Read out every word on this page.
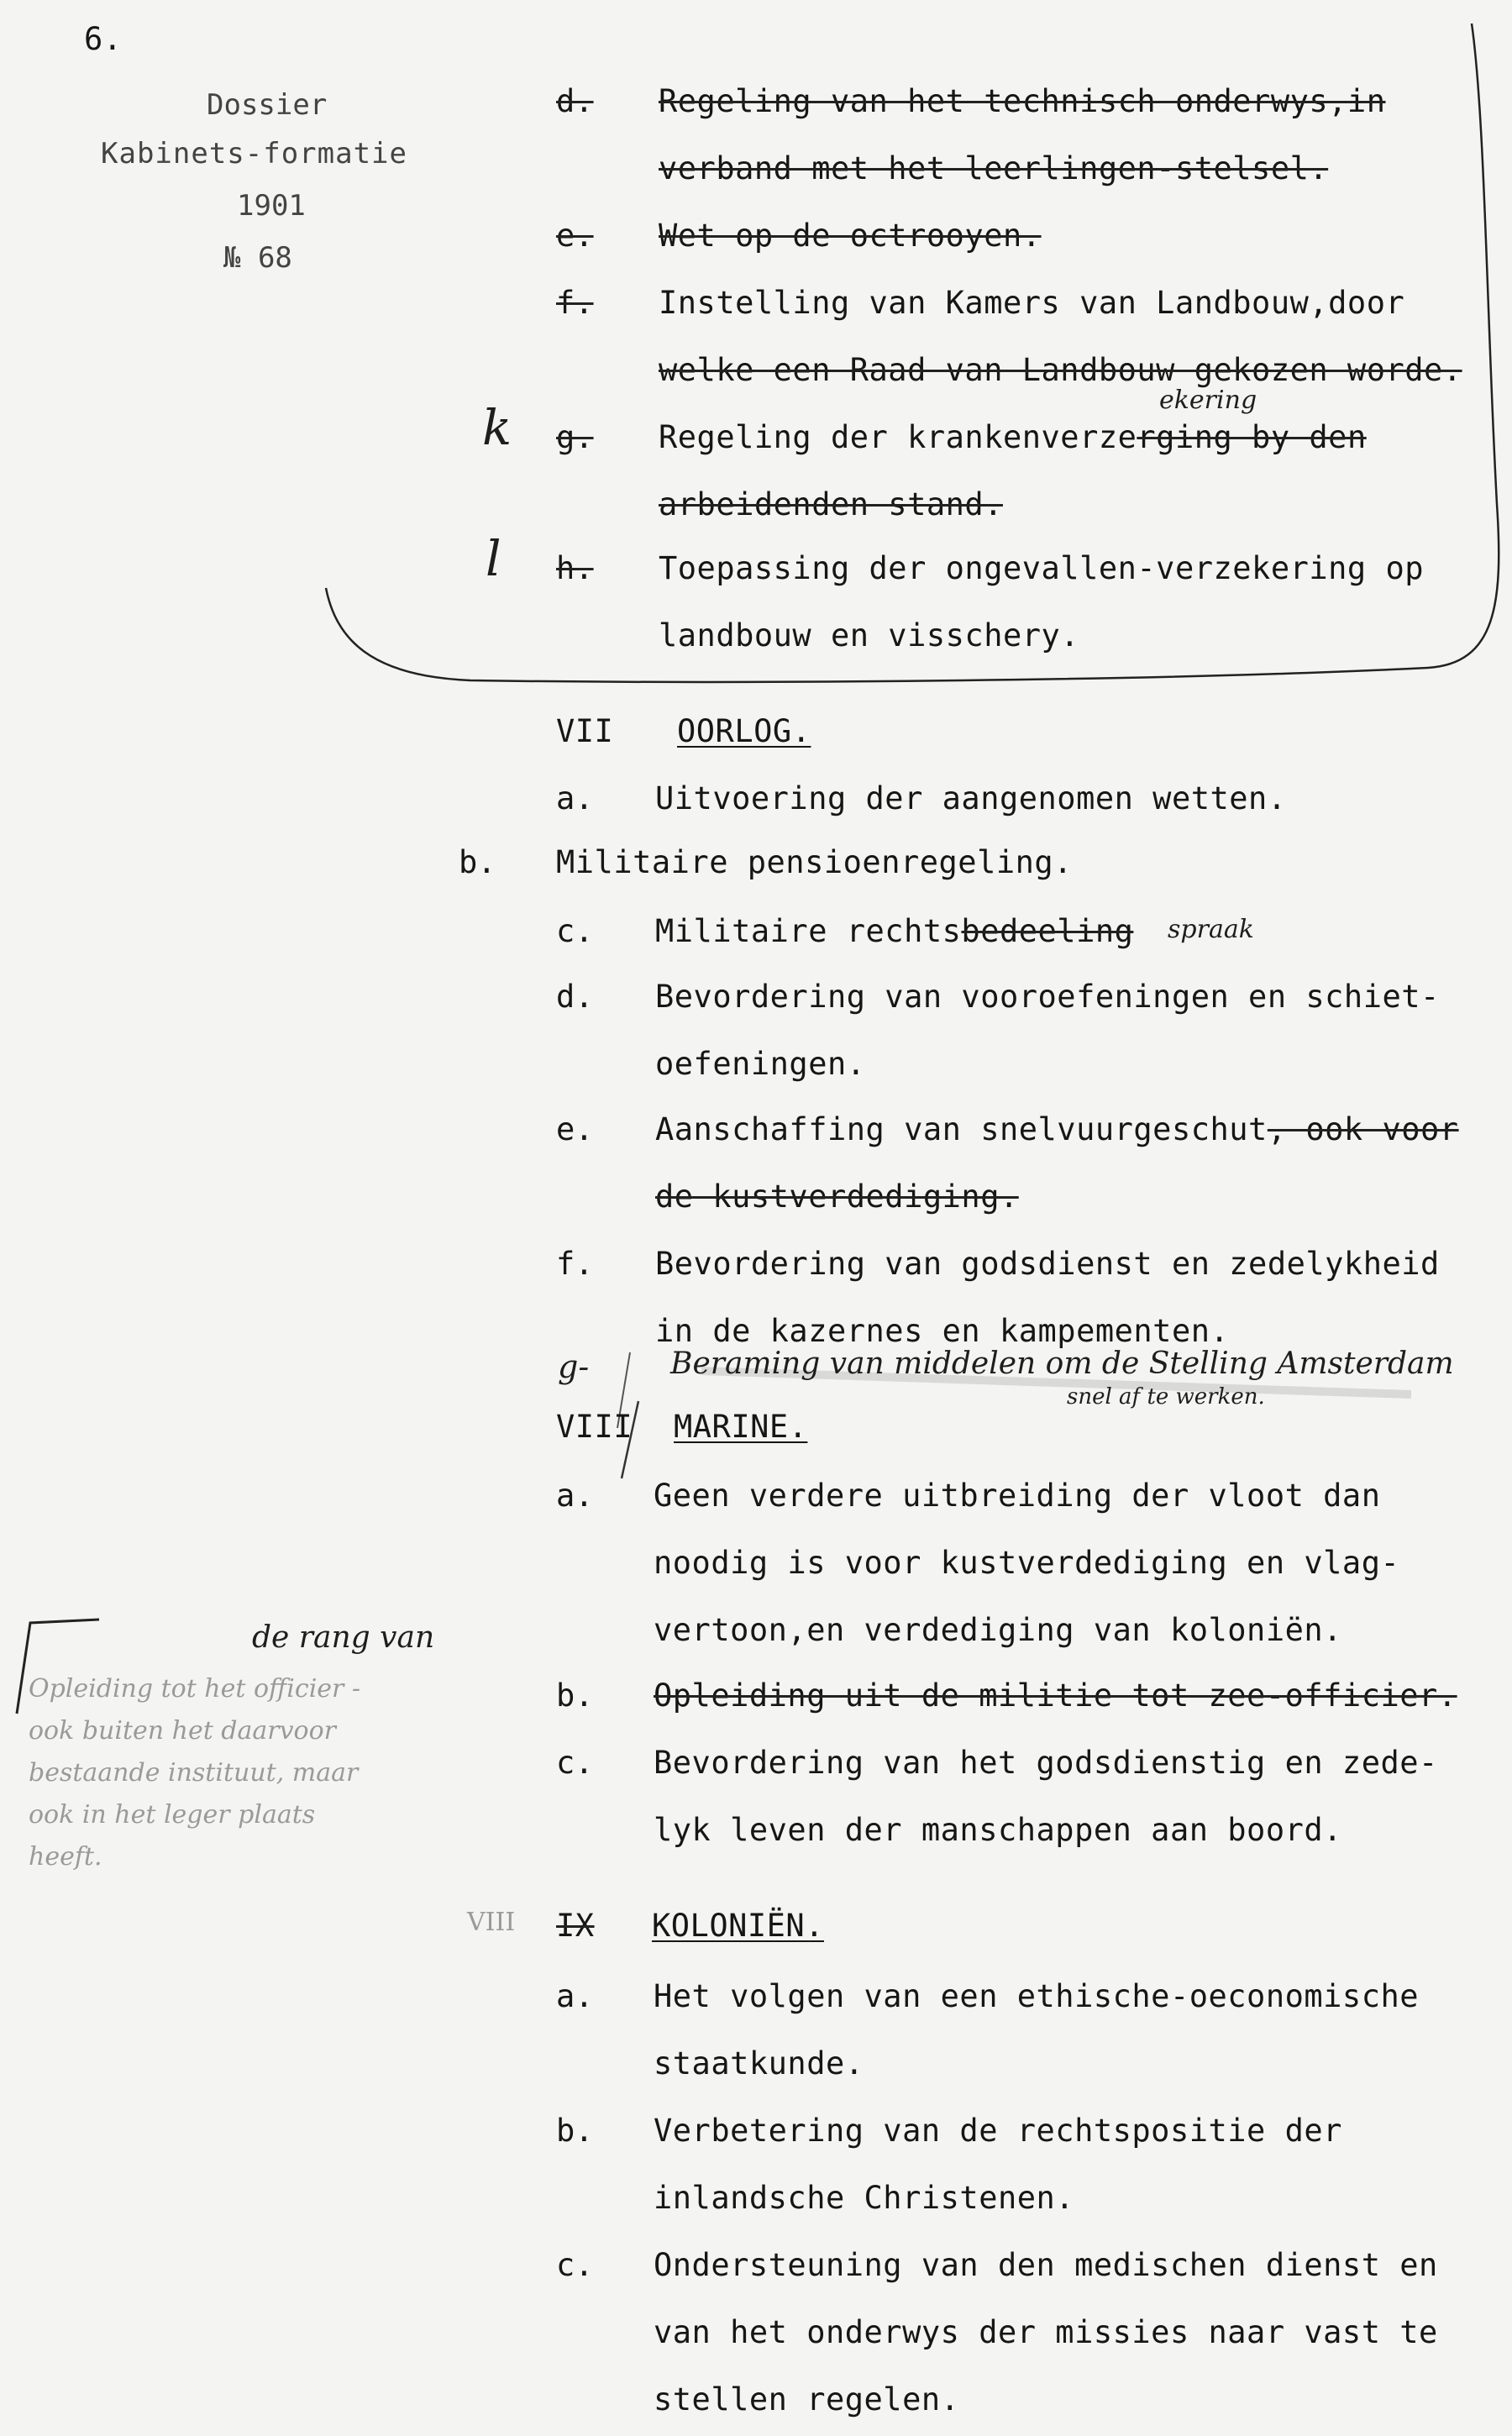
6.
Dossier
Kabinets-formatie
1901
№ 68
d. Regeling van het technisch onderwys,in
verband met het leerlingen-stelsel.
e. Wet op de octrooyen.
f. Instelling van Kamers van Landbouw,door
welke een Raad van Landbouw gekozen worde.
k g. Regeling der krankenverzerging by den
ekering
arbeidenden stand.
l h. Toepassing der ongevallen-verzekering op
landbouw en visschery.
VII OORLOG.
a. Uitvoering der aangenomen wetten.
b. Militaire pensioenregeling.
c. Militaire rechtsbedeeling spraak
d. Bevordering van vooroefeningen en schiet-
oefeningen.
e. Aanschaffing van snelvuurgeschut, ook voor
de kustverdediging.
f. Bevordering van godsdienst en zedelykheid
in de kazernes en kampementen.
g-	Beraming van middelen om de Stelling Amsterdam
snel af te werken.
VIII MARINE.
a. Geen verdere uitbreiding der vloot dan
noodig is voor kustverdediging en vlag-
vertoon,en verdediging van koloniën.
b. Opleiding uit de militie tot zee-officier.
c. Bevordering van het godsdienstig en zede-
lyk leven der manschappen aan boord.
de rang van
Opleiding tot het officier -
ook buiten het daarvoor
bestaande instituut, maar
ook in het leger plaats
heeft.
VIII IX KOLONIËN.
a. Het volgen van een ethische-oeconomische
staatkunde.
b. Verbetering van de rechtspositie der
inlandsche Christenen.
c. Ondersteuning van den medischen dienst en
van het onderwys der missies naar vast te
stellen regelen.
